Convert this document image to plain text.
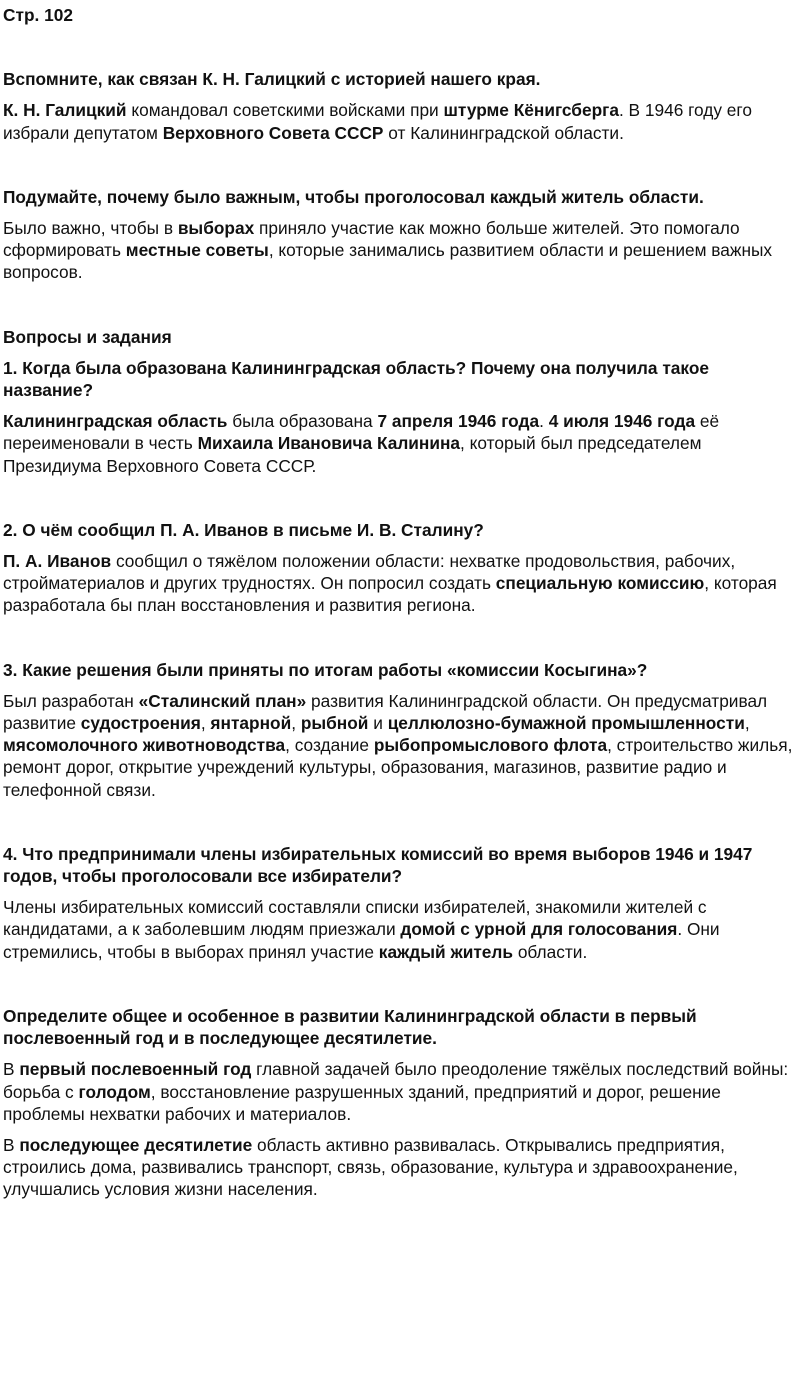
Стр. 102
Вспомните, как связан К. Н. Галицкий с историей нашего края.
К. Н. Галицкий командовал советскими войсками при штурме Кёнигсберга. В 1946 году его избрали депутатом Верховного Совета СССР от Калининградской области.
Подумайте, почему было важным, чтобы проголосовал каждый житель области.
Было важно, чтобы в выборах приняло участие как можно больше жителей. Это помогало сформировать местные советы, которые занимались развитием области и решением важных вопросов.
Вопросы и задания
1. Когда была образована Калининградская область? Почему она получила такое название?
Калининградская область была образована 7 апреля 1946 года. 4 июля 1946 года её переименовали в честь Михаила Ивановича Калинина, который был председателем Президиума Верховного Совета СССР.
2. О чём сообщил П. А. Иванов в письме И. В. Сталину?
П. А. Иванов сообщил о тяжёлом положении области: нехватке продовольствия, рабочих, стройматериалов и других трудностях. Он попросил создать специальную комиссию, которая разработала бы план восстановления и развития региона.
3. Какие решения были приняты по итогам работы «комиссии Косыгина»?
Был разработан «Сталинский план» развития Калининградской области. Он предусматривал развитие судостроения, янтарной, рыбной и целлюлозно-бумажной промышленности, мясомолочного животноводства, создание рыбопромыслового флота, строительство жилья, ремонт дорог, открытие учреждений культуры, образования, магазинов, развитие радио и телефонной связи.
4. Что предпринимали члены избирательных комиссий во время выборов 1946 и 1947 годов, чтобы проголосовали все избиратели?
Члены избирательных комиссий составляли списки избирателей, знакомили жителей с кандидатами, а к заболевшим людям приезжали домой с урной для голосования. Они стремились, чтобы в выборах принял участие каждый житель области.
Определите общее и особенное в развитии Калининградской области в первый послевоенный год и в последующее десятилетие.
В первый послевоенный год главной задачей было преодоление тяжёлых последствий войны: борьба с голодом, восстановление разрушенных зданий, предприятий и дорог, решение проблемы нехватки рабочих и материалов.
В последующее десятилетие область активно развивалась. Открывались предприятия, строились дома, развивались транспорт, связь, образование, культура и здравоохранение, улучшались условия жизни населения.
